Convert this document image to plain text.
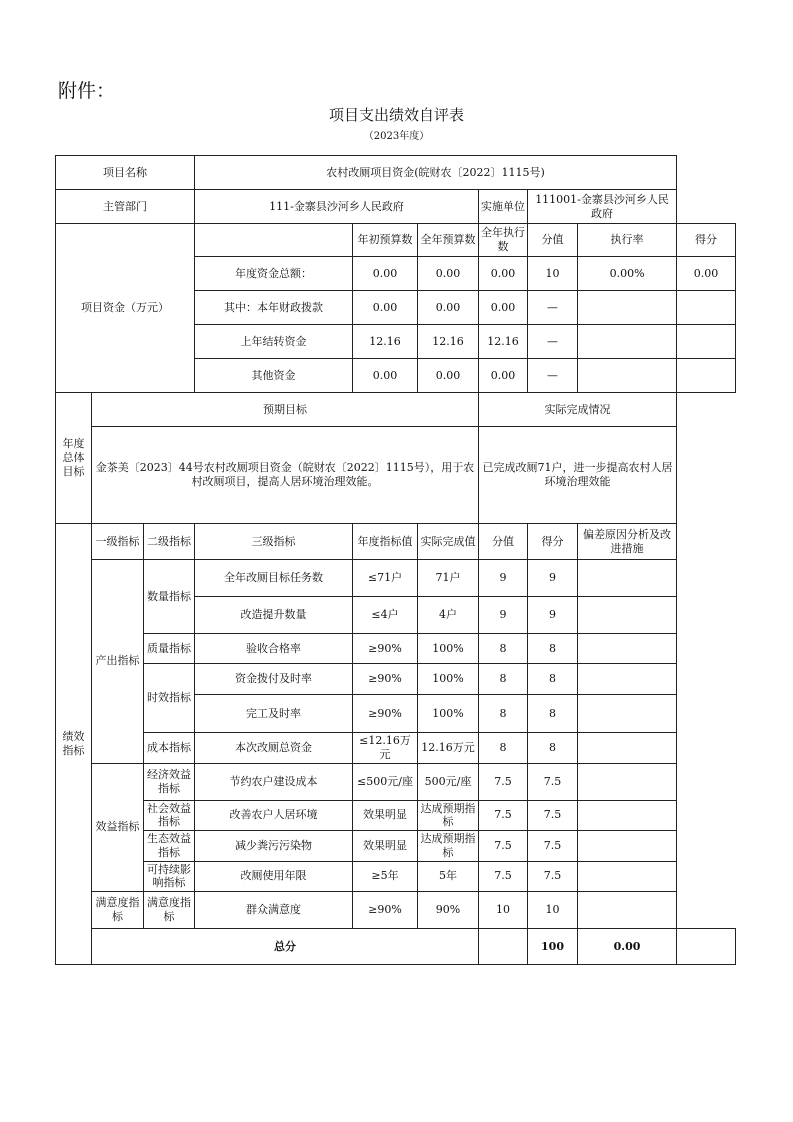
附件：
项目支出绩效自评表
（2023年度）
项目名称			农村改厕项目资金(皖财农〔2022〕1115号)						
主管部门			111-金寨县沙河乡人民政府			实施单位	111001-金寨县沙河乡人民政府		
项目资金（万元）				年初预算数	全年预算数	全年执行数	分值	执行率	得分
			年度资金总额：	0.00	0.00	0.00	10	0.00%	0.00
			其中：本年财政拨款	0.00	0.00	0.00	—		
			上年结转资金	12.16	12.16	12.16	—		
			其他资金	0.00	0.00	0.00	—		
年度总体目标	预期目标					实际完成情况			
	金茶美〔2023〕44号农村改厕项目资金（皖财农〔2022〕1115号），用于农村改厕项目，提高人居环境治理效能。					已完成改厕71户，进一步提高农村人居环境治理效能			
绩效指标	一级指标	二级指标	三级指标	年度指标值	实际完成值	分值	得分	偏差原因分析及改进措施	
	产出指标	数量指标	全年改厕目标任务数	≤71户	71户	9	9		
			改造提升数量	≤4户	4户	9	9		
		质量指标	验收合格率	≥90%	100%	8	8		
		时效指标	资金拨付及时率	≥90%	100%	8	8		
			完工及时率	≥90%	100%	8	8		
		成本指标	本次改厕总资金	≤12.16万元	12.16万元	8	8		
	效益指标	经济效益指标	节约农户建设成本	≤500元/座	500元/座	7.5	7.5		
		社会效益指标	改善农户人居环境	效果明显	达成预期指标	7.5	7.5		
		生态效益指标	减少粪污污染物	效果明显	达成预期指标	7.5	7.5		
		可持续影响指标	改厕使用年限	≥5年	5年	7.5	7.5		
	满意度指标	满意度指标	群众满意度	≥90%	90%	10	10		
	总分						100	0.00	
